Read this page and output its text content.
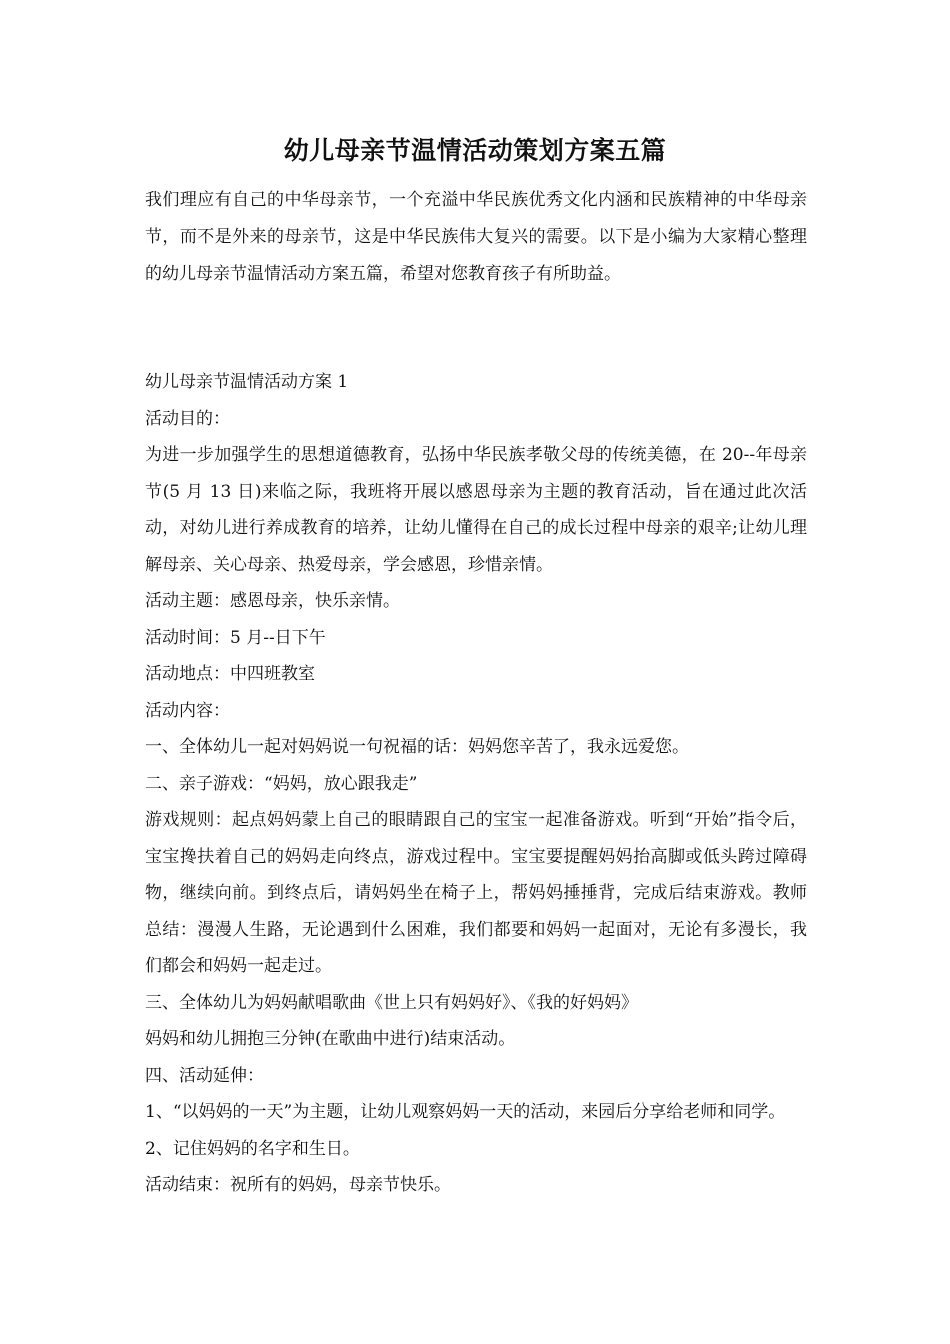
幼儿母亲节温情活动策划方案五篇

我们理应有自己的中华母亲节，一个充溢中华民族优秀文化内涵和民族精神的中华母亲节，而不是外来的母亲节，这是中华民族伟大复兴的需要。以下是小编为大家精心整理的幼儿母亲节温情活动方案五篇，希望对您教育孩子有所助益。

幼儿母亲节温情活动方案 1

活动目的：

为进一步加强学生的思想道德教育，弘扬中华民族孝敬父母的传统美德，在 20--年母亲节(5 月 13 日)来临之际，我班将开展以感恩母亲为主题的教育活动，旨在通过此次活动，对幼儿进行养成教育的培养，让幼儿懂得在自己的成长过程中母亲的艰辛;让幼儿理解母亲、关心母亲、热爱母亲，学会感恩，珍惜亲情。

活动主题：感恩母亲，快乐亲情。

活动时间：5 月--日下午

活动地点：中四班教室

活动内容：

一、全体幼儿一起对妈妈说一句祝福的话：妈妈您辛苦了，我永远爱您。

二、亲子游戏：“妈妈，放心跟我走”

游戏规则：起点妈妈蒙上自己的眼睛跟自己的宝宝一起准备游戏。听到“开始”指令后，宝宝搀扶着自己的妈妈走向终点，游戏过程中。宝宝要提醒妈妈抬高脚或低头跨过障碍物，继续向前。到终点后，请妈妈坐在椅子上，帮妈妈捶捶背，完成后结束游戏。教师总结：漫漫人生路，无论遇到什么困难，我们都要和妈妈一起面对，无论有多漫长，我们都会和妈妈一起走过。

三、全体幼儿为妈妈献唱歌曲《世上只有妈妈好》、《我的好妈妈》

妈妈和幼儿拥抱三分钟(在歌曲中进行)结束活动。

四、活动延伸：

1、“以妈妈的一天”为主题，让幼儿观察妈妈一天的活动，来园后分享给老师和同学。

2、记住妈妈的名字和生日。

活动结束：祝所有的妈妈，母亲节快乐。
